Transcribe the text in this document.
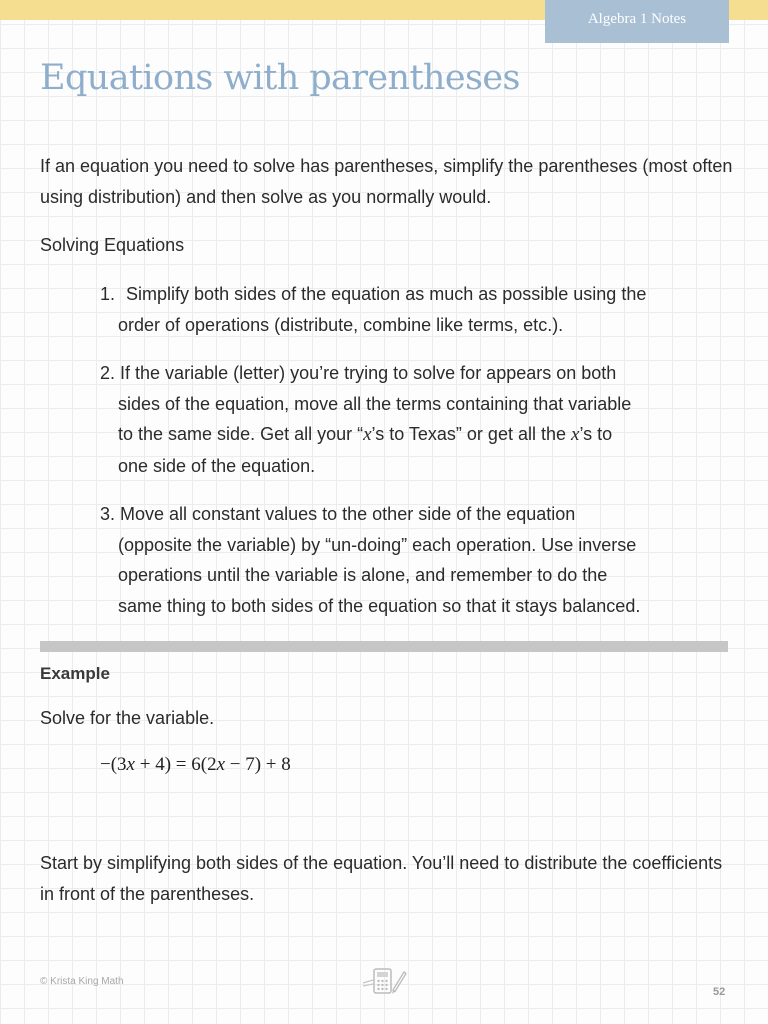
Algebra 1 Notes
Equations with parentheses

If an equation you need to solve has parentheses, simplify the parentheses (most often using distribution) and then solve as you normally would.

Solving Equations

1. Simplify both sides of the equation as much as possible using the
order of operations (distribute, combine like terms, etc.).
2. If the variable (letter) you’re trying to solve for appears on both
sides of the equation, move all the terms containing that variable
to the same side. Get all your “x’s to Texas” or get all the x’s to
one side of the equation.
3. Move all constant values to the other side of the equation
(opposite the variable) by “un-doing” each operation. Use inverse
operations until the variable is alone, and remember to do the
same thing to both sides of the equation so that it stays balanced.

Example

Solve for the variable.

−(3x + 4) = 6(2x − 7) + 8

Start by simplifying both sides of the equation. You’ll need to distribute the coefficients in front of the parentheses.

© Krista King Math
52
